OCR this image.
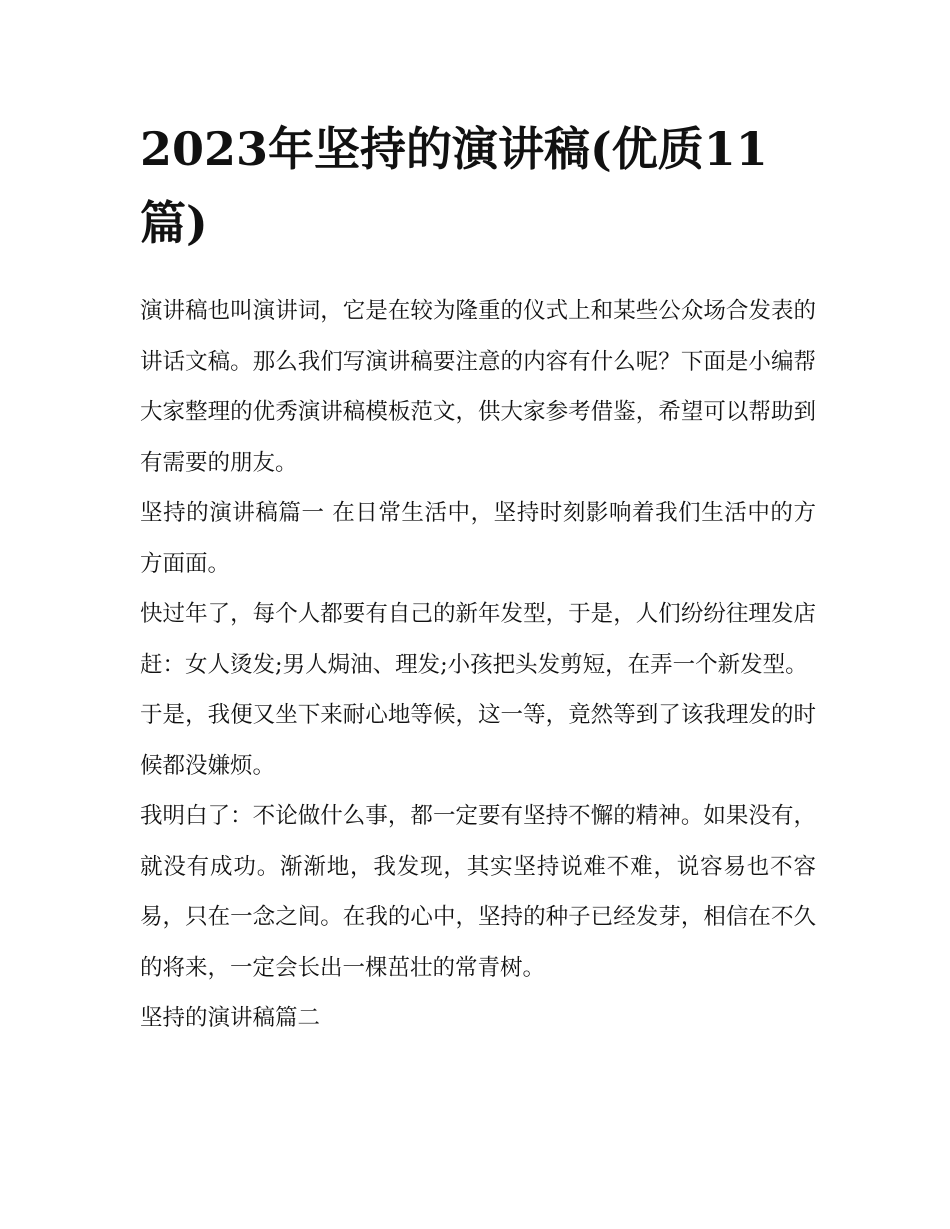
2023年坚持的演讲稿(优质11篇)

演讲稿也叫演讲词，它是在较为隆重的仪式上和某些公众场合发表的讲话文稿。那么我们写演讲稿要注意的内容有什么呢？下面是小编帮大家整理的优秀演讲稿模板范文，供大家参考借鉴，希望可以帮助到有需要的朋友。

坚持的演讲稿篇一 在日常生活中，坚持时刻影响着我们生活中的方方面面。

快过年了，每个人都要有自己的新年发型，于是，人们纷纷往理发店赶：女人烫发;男人焗油、理发;小孩把头发剪短，在弄一个新发型。

于是，我便又坐下来耐心地等候，这一等，竟然等到了该我理发的时候都没嫌烦。

我明白了：不论做什么事，都一定要有坚持不懈的精神。如果没有，就没有成功。渐渐地，我发现，其实坚持说难不难，说容易也不容易，只在一念之间。在我的心中，坚持的种子已经发芽，相信在不久的将来，一定会长出一棵茁壮的常青树。

坚持的演讲稿篇二
